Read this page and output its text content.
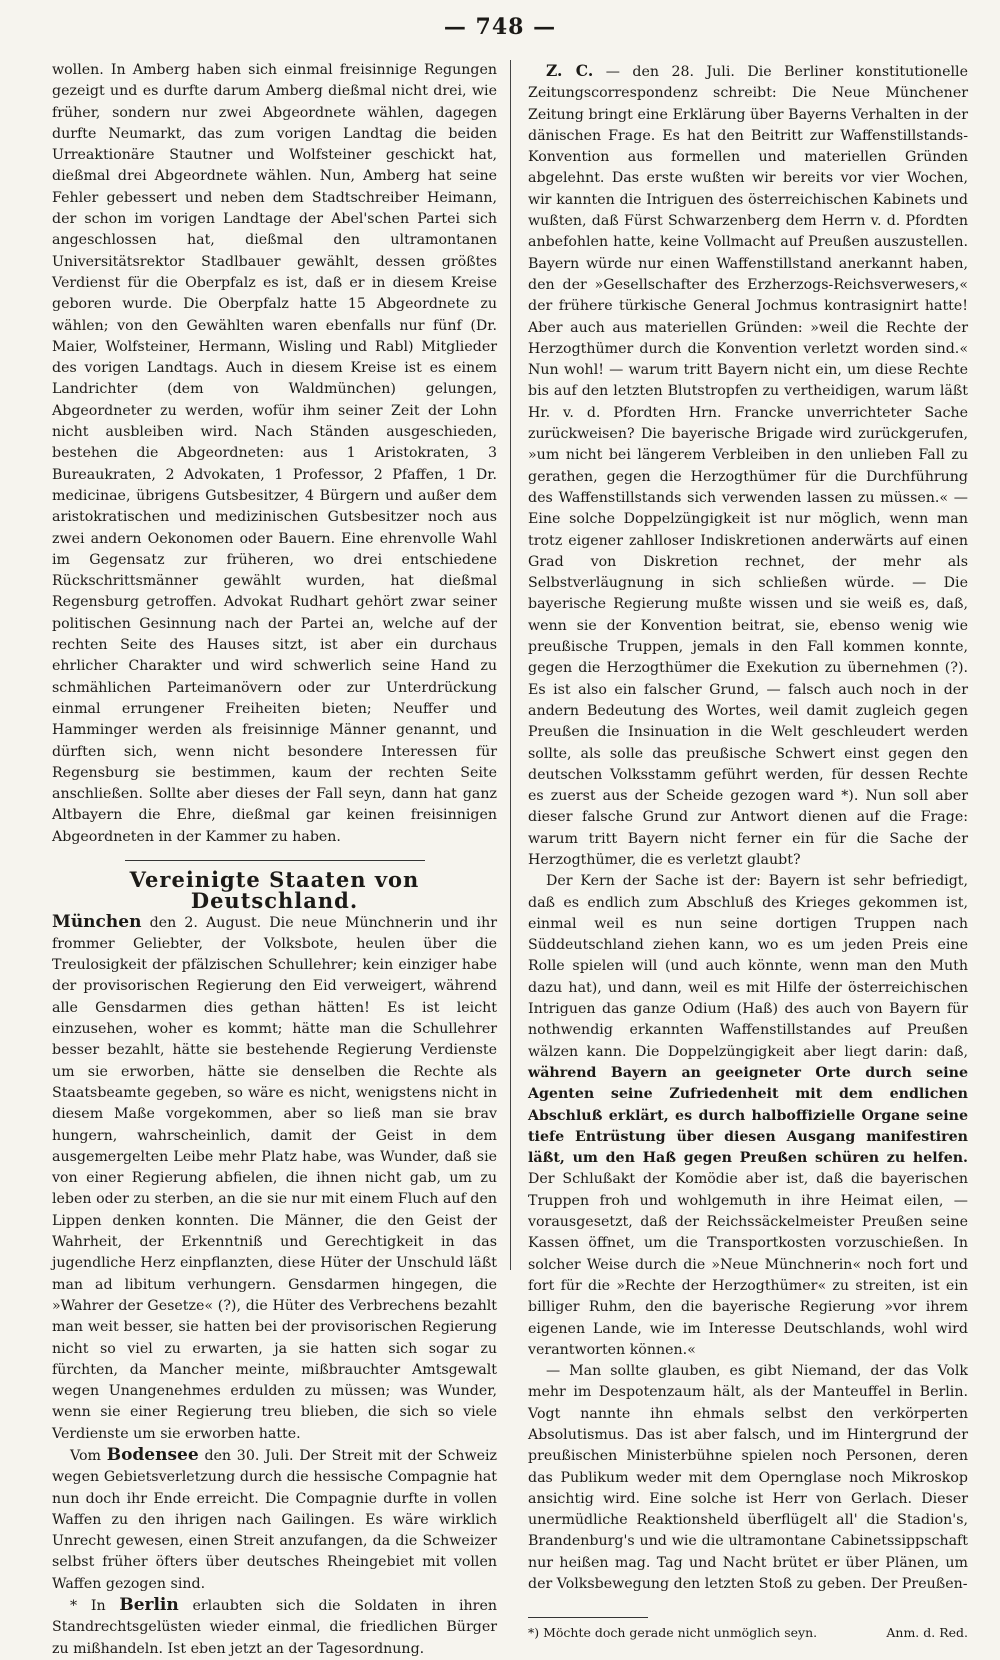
— 748 —

wollen. In Amberg haben sich einmal freisinnige Regungen gezeigt und es durfte darum Amberg dießmal nicht drei, wie früher, sondern nur zwei Abgeordnete wählen, dagegen durfte Neumarkt, das zum vorigen Landtag die beiden Urreaktionäre Stautner und Wolfsteiner geschickt hat, dießmal drei Abgeordnete wählen. Nun, Amberg hat seine Fehler gebessert und neben dem Stadtschreiber Heimann, der schon im vorigen Landtage der Abel'schen Partei sich angeschlossen hat, dießmal den ultramontanen Universitätsrektor Stadlbauer gewählt, dessen größtes Verdienst für die Oberpfalz es ist, daß er in diesem Kreise geboren wurde. Die Oberpfalz hatte 15 Abgeordnete zu wählen; von den Gewählten waren ebenfalls nur fünf (Dr. Maier, Wolfsteiner, Hermann, Wisling und Rabl) Mitglieder des vorigen Landtags. Auch in diesem Kreise ist es einem Landrichter (dem von Waldmünchen) gelungen, Abgeordneter zu werden, wofür ihm seiner Zeit der Lohn nicht ausbleiben wird. Nach Ständen ausgeschieden, bestehen die Abgeordneten: aus 1 Aristokraten, 3 Bureaukraten, 2 Advokaten, 1 Professor, 2 Pfaffen, 1 Dr. medicinae, übrigens Gutsbesitzer, 4 Bürgern und außer dem aristokratischen und medizinischen Gutsbesitzer noch aus zwei andern Oekonomen oder Bauern. Eine ehrenvolle Wahl im Gegensatz zur früheren, wo drei entschiedene Rückschrittsmänner gewählt wurden, hat dießmal Regensburg getroffen. Advokat Rudhart gehört zwar seiner politischen Gesinnung nach der Partei an, welche auf der rechten Seite des Hauses sitzt, ist aber ein durchaus ehrlicher Charakter und wird schwerlich seine Hand zu schmählichen Parteimanövern oder zur Unterdrückung einmal errungener Freiheiten bieten; Neuffer und Hamminger werden als freisinnige Männer genannt, und dürften sich, wenn nicht besondere Interessen für Regensburg sie bestimmen, kaum der rechten Seite anschließen. Sollte aber dieses der Fall seyn, dann hat ganz Altbayern die Ehre, dießmal gar keinen freisinnigen Abgeordneten in der Kammer zu haben.

Vereinigte Staaten von Deutschland.

München den 2. August. Die neue Münchnerin und ihr frommer Geliebter, der Volksbote, heulen über die Treulosigkeit der pfälzischen Schullehrer; kein einziger habe der provisorischen Regierung den Eid verweigert, während alle Gensdarmen dies gethan hätten! Es ist leicht einzusehen, woher es kommt; hätte man die Schullehrer besser bezahlt, hätte sie bestehende Regierung Verdienste um sie erworben, hätte sie denselben die Rechte als Staatsbeamte gegeben, so wäre es nicht, wenigstens nicht in diesem Maße vorgekommen, aber so ließ man sie brav hungern, wahrscheinlich, damit der Geist in dem ausgemergelten Leibe mehr Platz habe, was Wunder, daß sie von einer Regierung abfielen, die ihnen nicht gab, um zu leben oder zu sterben, an die sie nur mit einem Fluch auf den Lippen denken konnten. Die Männer, die den Geist der Wahrheit, der Erkenntniß und Gerechtigkeit in das jugendliche Herz einpflanzten, diese Hüter der Unschuld läßt man ad libitum verhungern. Gensdarmen hingegen, die »Wahrer der Gesetze« (?), die Hüter des Verbrechens bezahlt man weit besser, sie hatten bei der provisorischen Regierung nicht so viel zu erwarten, ja sie hatten sich sogar zu fürchten, da Mancher meinte, mißbrauchter Amtsgewalt wegen Unangenehmes erdulden zu müssen; was Wunder, wenn sie einer Regierung treu blieben, die sich so viele Verdienste um sie erworben hatte.

Vom Bodensee den 30. Juli. Der Streit mit der Schweiz wegen Gebietsverletzung durch die hessische Compagnie hat nun doch ihr Ende erreicht. Die Compagnie durfte in vollen Waffen zu den ihrigen nach Gailingen. Es wäre wirklich Unrecht gewesen, einen Streit anzufangen, da die Schweizer selbst früher öfters über deutsches Rheingebiet mit vollen Waffen gezogen sind.

* In Berlin erlaubten sich die Soldaten in ihren Standrechtsgelüsten wieder einmal, die friedlichen Bürger zu mißhandeln. Ist eben jetzt an der Tagesordnung.

Z. C. — den 28. Juli. Die Berliner konstitutionelle Zeitungscorrespondenz schreibt: Die Neue Münchener Zeitung bringt eine Erklärung über Bayerns Verhalten in der dänischen Frage. Es hat den Beitritt zur Waffenstillstands-Konvention aus formellen und materiellen Gründen abgelehnt. Das erste wußten wir bereits vor vier Wochen, wir kannten die Intriguen des österreichischen Kabinets und wußten, daß Fürst Schwarzenberg dem Herrn v. d. Pfordten anbefohlen hatte, keine Vollmacht auf Preußen auszustellen. Bayern würde nur einen Waffenstillstand anerkannt haben, den der »Gesellschafter des Erzherzogs-Reichsverwesers,« der frühere türkische General Jochmus kontrasignirt hatte! Aber auch aus materiellen Gründen: »weil die Rechte der Herzogthümer durch die Konvention verletzt worden sind.« Nun wohl! — warum tritt Bayern nicht ein, um diese Rechte bis auf den letzten Blutstropfen zu vertheidigen, warum läßt Hr. v. d. Pfordten Hrn. Francke unverrichteter Sache zurückweisen? Die bayerische Brigade wird zurückgerufen, »um nicht bei längerem Verbleiben in den unlieben Fall zu gerathen, gegen die Herzogthümer für die Durchführung des Waffenstillstands sich verwenden lassen zu müssen.« — Eine solche Doppelzüngigkeit ist nur möglich, wenn man trotz eigener zahlloser Indiskretionen anderwärts auf einen Grad von Diskretion rechnet, der mehr als Selbstverläugnung in sich schließen würde. — Die bayerische Regierung mußte wissen und sie weiß es, daß, wenn sie der Konvention beitrat, sie, ebenso wenig wie preußische Truppen, jemals in den Fall kommen konnte, gegen die Herzogthümer die Exekution zu übernehmen (?). Es ist also ein falscher Grund, — falsch auch noch in der andern Bedeutung des Wortes, weil damit zugleich gegen Preußen die Insinuation in die Welt geschleudert werden sollte, als solle das preußische Schwert einst gegen den deutschen Volksstamm geführt werden, für dessen Rechte es zuerst aus der Scheide gezogen ward *). Nun soll aber dieser falsche Grund zur Antwort dienen auf die Frage: warum tritt Bayern nicht ferner ein für die Sache der Herzogthümer, die es verletzt glaubt?

Der Kern der Sache ist der: Bayern ist sehr befriedigt, daß es endlich zum Abschluß des Krieges gekommen ist, einmal weil es nun seine dortigen Truppen nach Süddeutschland ziehen kann, wo es um jeden Preis eine Rolle spielen will (und auch könnte, wenn man den Muth dazu hat), und dann, weil es mit Hilfe der österreichischen Intriguen das ganze Odium (Haß) des auch von Bayern für nothwendig erkannten Waffenstillstandes auf Preußen wälzen kann. Die Doppelzüngigkeit aber liegt darin: daß, während Bayern an geeigneter Orte durch seine Agenten seine Zufriedenheit mit dem endlichen Abschluß erklärt, es durch halboffizielle Organe seine tiefe Entrüstung über diesen Ausgang manifestiren läßt, um den Haß gegen Preußen schüren zu helfen. Der Schlußakt der Komödie aber ist, daß die bayerischen Truppen froh und wohlgemuth in ihre Heimat eilen, — vorausgesetzt, daß der Reichssäckelmeister Preußen seine Kassen öffnet, um die Transportkosten vorzuschießen. In solcher Weise durch die »Neue Münchnerin« noch fort und fort für die »Rechte der Herzogthümer« zu streiten, ist ein billiger Ruhm, den die bayerische Regierung »vor ihrem eigenen Lande, wie im Interesse Deutschlands, wohl wird verantworten können.«

— Man sollte glauben, es gibt Niemand, der das Volk mehr im Despotenzaum hält, als der Manteuffel in Berlin. Vogt nannte ihn ehmals selbst den verkörperten Absolutismus. Das ist aber falsch, und im Hintergrund der preußischen Ministerbühne spielen noch Personen, deren das Publikum weder mit dem Opernglase noch Mikroskop ansichtig wird. Eine solche ist Herr von Gerlach. Dieser unermüdliche Reaktionsheld überflügelt all' die Stadion's, Brandenburg's und wie die ultramontane Cabinetssippschaft nur heißen mag. Tag und Nacht brütet er über Plänen, um der Volksbewegung den letzten Stoß zu geben. Der Preußen-

*) Möchte doch gerade nicht unmöglich seyn.	Anm. d. Red.
